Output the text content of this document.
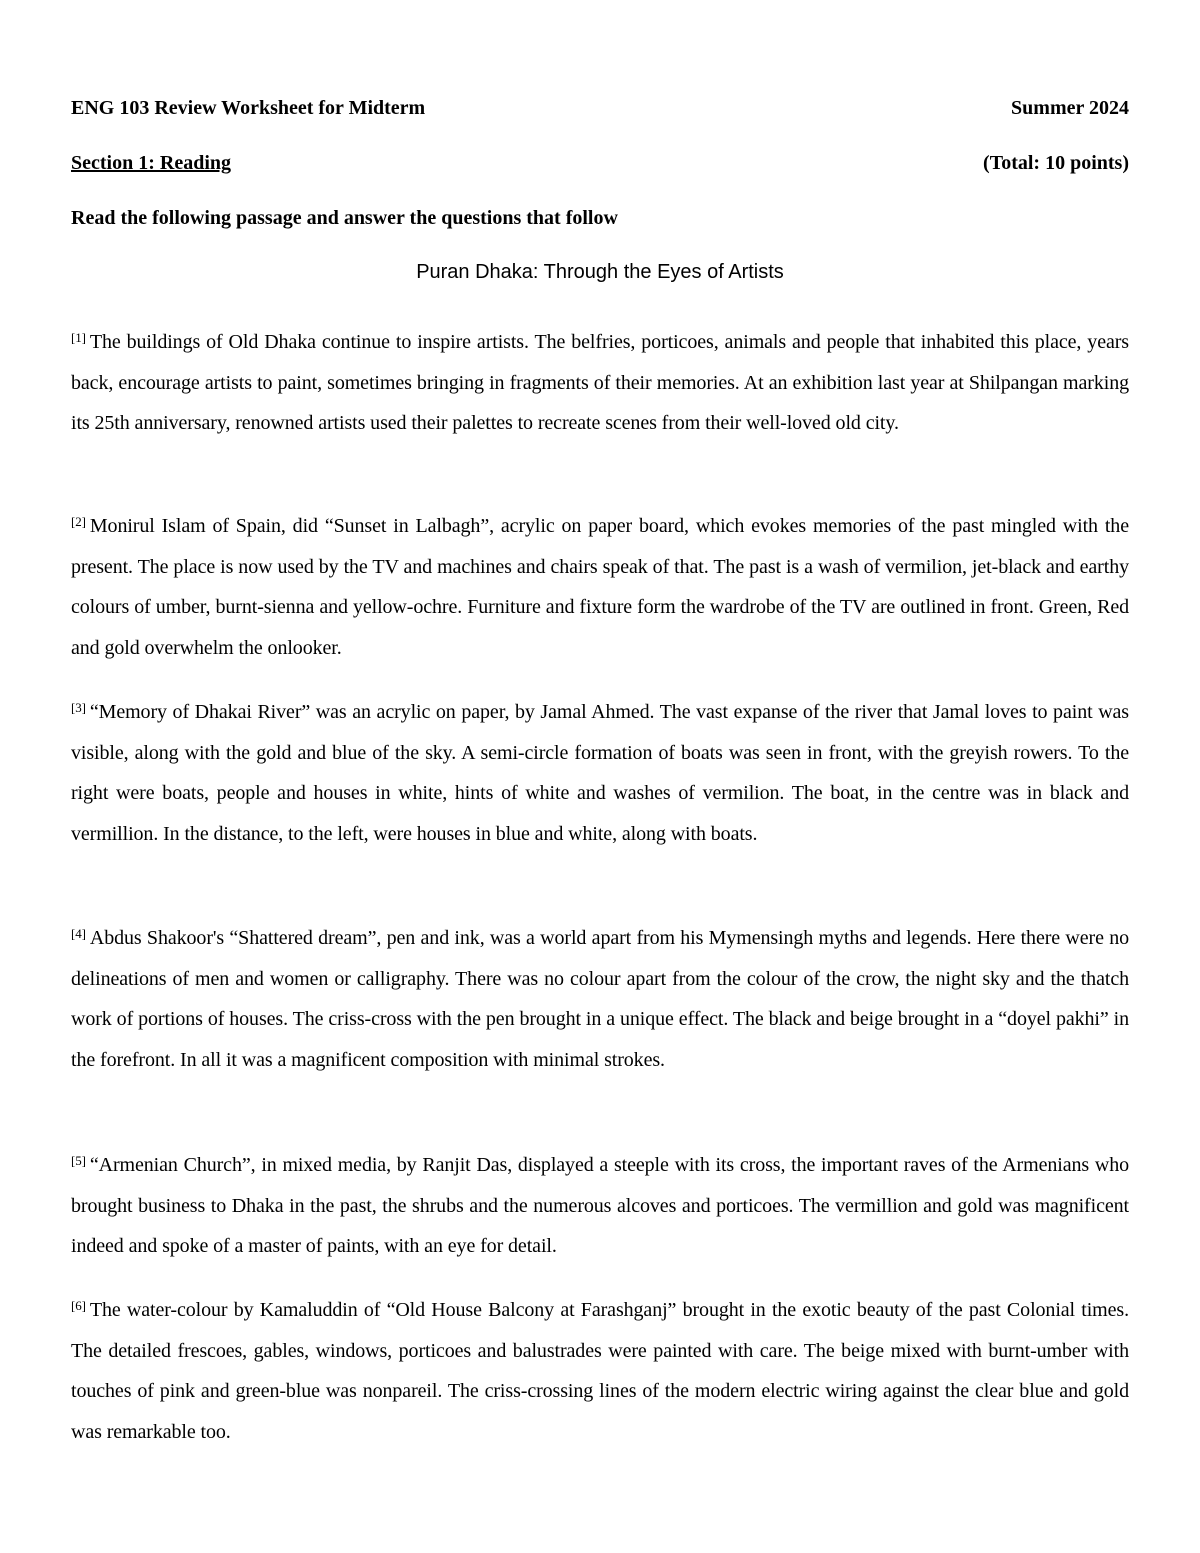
ENG 103 Review Worksheet for Midterm	Summer 2024
Section 1: Reading	(Total: 10 points)
Read the following passage and answer the questions that follow
Puran Dhaka: Through the Eyes of Artists
[1] The buildings of Old Dhaka continue to inspire artists. The belfries, porticoes, animals and people that inhabited this place, years back, encourage artists to paint, sometimes bringing in fragments of their memories. At an exhibition last year at Shilpangan marking its 25th anniversary, renowned artists used their palettes to recreate scenes from their well-loved old city.
[2] Monirul Islam of Spain, did “Sunset in Lalbagh”, acrylic on paper board, which evokes memories of the past mingled with the present. The place is now used by the TV and machines and chairs speak of that. The past is a wash of vermilion, jet-black and earthy colours of umber, burnt-sienna and yellow-ochre. Furniture and fixture form the wardrobe of the TV are outlined in front. Green, Red and gold overwhelm the onlooker.
[3] “Memory of Dhakai River” was an acrylic on paper, by Jamal Ahmed. The vast expanse of the river that Jamal loves to paint was visible, along with the gold and blue of the sky. A semi-circle formation of boats was seen in front, with the greyish rowers. To the right were boats, people and houses in white, hints of white and washes of vermilion. The boat, in the centre was in black and vermillion. In the distance, to the left, were houses in blue and white, along with boats.
[4] Abdus Shakoor's “Shattered dream”, pen and ink, was a world apart from his Mymensingh myths and legends. Here there were no delineations of men and women or calligraphy. There was no colour apart from the colour of the crow, the night sky and the thatch work of portions of houses. The criss-cross with the pen brought in a unique effect. The black and beige brought in a “doyel pakhi” in the forefront. In all it was a magnificent composition with minimal strokes.
[5] “Armenian Church”, in mixed media, by Ranjit Das, displayed a steeple with its cross, the important raves of the Armenians who brought business to Dhaka in the past, the shrubs and the numerous alcoves and porticoes. The vermillion and gold was magnificent indeed and spoke of a master of paints, with an eye for detail.
[6] The water-colour by Kamaluddin of “Old House Balcony at Farashganj” brought in the exotic beauty of the past Colonial times. The detailed frescoes, gables, windows, porticoes and balustrades were painted with care. The beige mixed with burnt-umber with touches of pink and green-blue was nonpareil. The criss-crossing lines of the modern electric wiring against the clear blue and gold was remarkable too.
